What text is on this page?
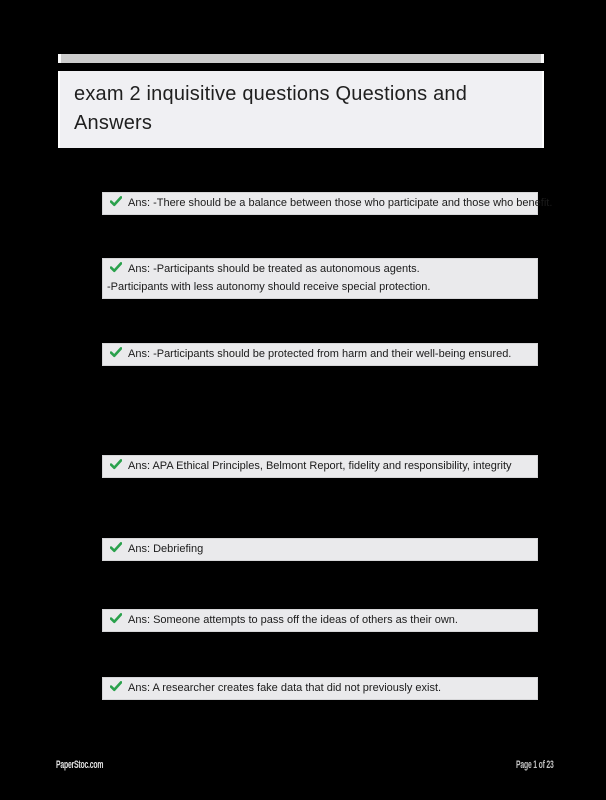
exam 2 inquisitive questions Questions and Answers
Ans: -There should be a balance between those who participate and those who benefit.
Ans: -Participants should be treated as autonomous agents.
-Participants with less autonomy should receive special protection.
Ans: -Participants should be protected from harm and their well-being ensured.
Ans: APA Ethical Principles, Belmont Report, fidelity and responsibility, integrity
Ans: Debriefing
Ans: Someone attempts to pass off the ideas of others as their own.
Ans: A researcher creates fake data that did not previously exist.
PaperStoc.com	Page 1 of 23
